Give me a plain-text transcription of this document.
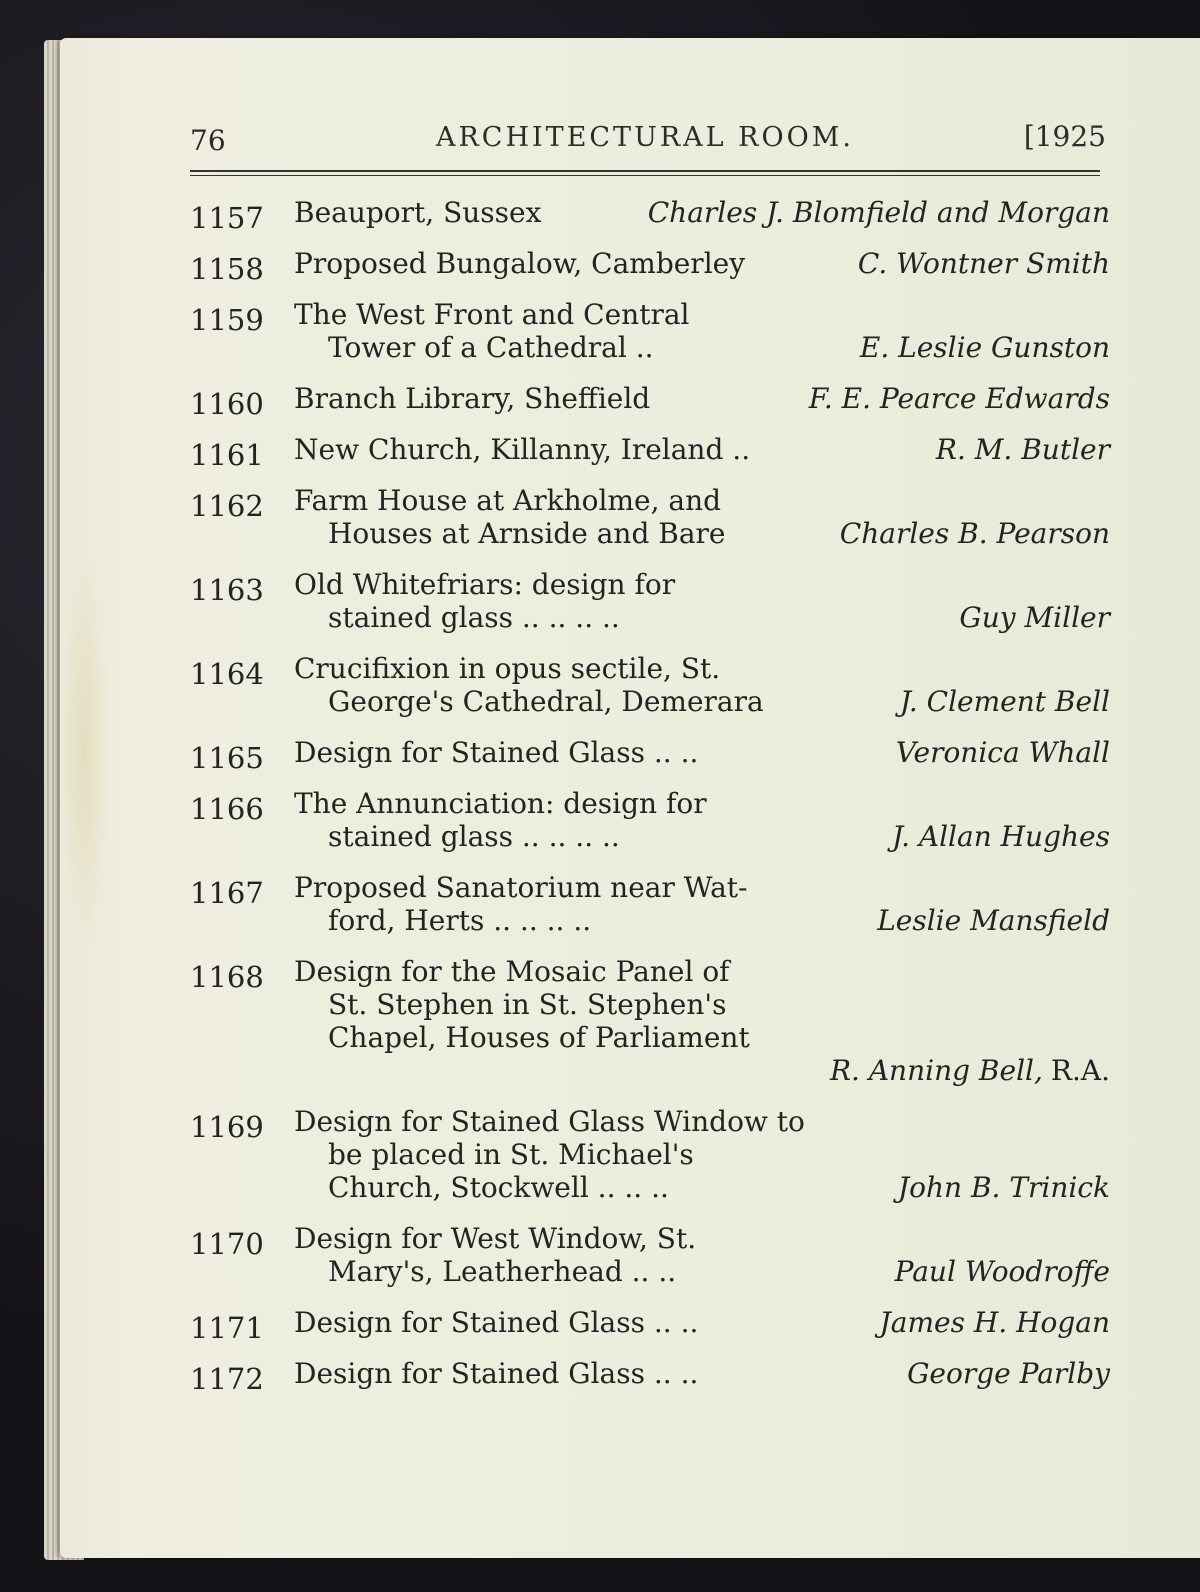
76	ARCHITECTURAL ROOM.	[1925
1157	Beauport, Sussex	Charles J. Blomfield and Morgan
1158	Proposed Bungalow, Camberley	C. Wontner Smith
1159	The West Front and Central
Tower of a Cathedral ..	E. Leslie Gunston
1160	Branch Library, Sheffield	F. E. Pearce Edwards
1161	New Church, Killanny, Ireland ..	R. M. Butler
1162	Farm House at Arkholme, and
Houses at Arnside and Bare	Charles B. Pearson
1163	Old Whitefriars: design for
stained glass .. .. .. ..	Guy Miller
1164	Crucifixion in opus sectile, St.
George's Cathedral, Demerara	J. Clement Bell
1165	Design for Stained Glass .. ..	Veronica Whall
1166	The Annunciation: design for
stained glass .. .. .. ..	J. Allan Hughes
1167	Proposed Sanatorium near Wat-
ford, Herts .. .. .. ..	Leslie Mansfield
1168	Design for the Mosaic Panel of
St. Stephen in St. Stephen's
Chapel, Houses of Parliament
R. Anning Bell, R.A.
1169	Design for Stained Glass Window to
be placed in St. Michael's
Church, Stockwell .. .. ..	John B. Trinick
1170	Design for West Window, St.
Mary's, Leatherhead .. ..	Paul Woodroffe
1171	Design for Stained Glass .. ..	James H. Hogan
1172	Design for Stained Glass .. ..	George Parlby
